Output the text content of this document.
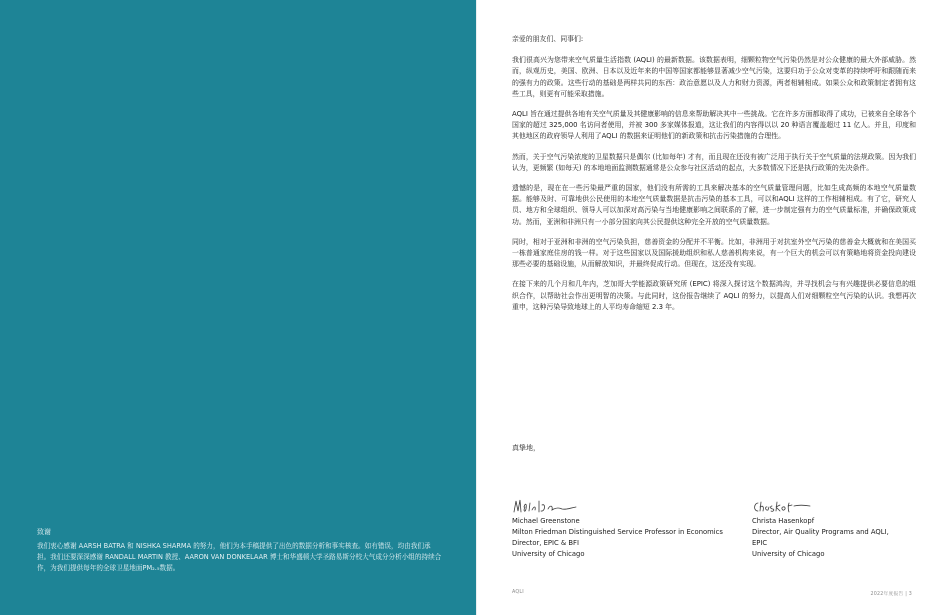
致谢

我们衷心感谢 AARSH BATRA 和 NISHKA SHARMA 的努力，他们为本手稿提供了出色的数据分析和事实核查。如有错误，均由我们承担。我们还要深深感谢 RANDALL MARTIN 教授、AARON VAN DONKELAAR 博士和华盛顿大学圣路易斯分校大气成分分析小组的持续合作，为我们提供每年的全球卫星地面PM₂.₅数据。

亲爱的朋友们、同事们:

我们很高兴为您带来空气质量生活指数 (AQLI) 的最新数据。该数据表明，细颗粒物空气污染仍然是对公众健康的最大外部威胁。然而，纵观历史，美国、欧洲、日本以及近年来的中国等国家都能够显著减少空气污染，这要归功于公众对变革的持续呼吁和跟随而来的强有力的政策。这些行动的基础是两样共同的东西：政治意愿以及人力和财力资源，两者相辅相成。如果公众和政策制定者拥有这些工具，则更有可能采取措施。

AQLI 旨在通过提供各地有关空气质量及其健康影响的信息来帮助解决其中一些挑战。它在许多方面都取得了成功，已被来自全球各个国家的超过 325,000 名访问者使用，并被 300 多家媒体报道，这让我们的内容得以以 20 种语言覆盖超过 11 亿人。并且，印度和其他地区的政府领导人利用了AQLI 的数据来证明他们的新政策和抗击污染措施的合理性。

然而，关于空气污染浓度的卫星数据只是偶尔 (比如每年) 才有，而且现在还没有被广泛用于执行关于空气质量的法规政策。因为我们认为，更频繁 (如每天) 的本地地面监测数据通常是公众参与社区活动的起点，大多数情况下还是执行政策的先决条件。

遗憾的是，现在在一些污染最严重的国家，他们没有所需的工具来解决基本的空气质量管理问题，比如生成高频的本地空气质量数据。能够及时、可靠地供公民使用的本地空气质量数据是抗击污染的基本工具，可以和AQLI 这样的工作相辅相成。有了它，研究人员、地方和全球组织、领导人可以加深对高污染与当地健康影响之间联系的了解，进一步制定强有力的空气质量标准，并确保政策成功。然而，亚洲和非洲只有一小部分国家向其公民提供这种完全开放的空气质量数据。

同时，相对于亚洲和非洲的空气污染负担，慈善资金的分配并不平衡。比如，非洲用于对抗室外空气污染的慈善金大概就和在美国买一栋普通家庭住房的钱一样。对于这些国家以及国际援助组织和私人慈善机构来说，有一个巨大的机会可以有策略地将资金投向建设那些必要的基础设施，从而解放知识，并最终促成行动。但现在，这还没有实现。

在接下来的几个月和几年内，芝加哥大学能源政策研究所 (EPIC) 将深入探讨这个数据鸿沟，并寻找机会与有兴趣提供必要信息的组织合作，以帮助社会作出更明智的决策。与此同时，这份报告继续了 AQLI 的努力，以提高人们对细颗粒空气污染的认识。我想再次重申，这种污染导致地球上的人平均寿命缩短 2.3 年。

真挚地，
Michael Greenstone
Milton Friedman Distinguished Service Professor in Economics
Director, EPIC & BFI
University of Chicago
Christa Hasenkopf
Director, Air Quality Programs and AQLI,
EPIC
University of Chicago
AQLI	2022年度报告 | 3
